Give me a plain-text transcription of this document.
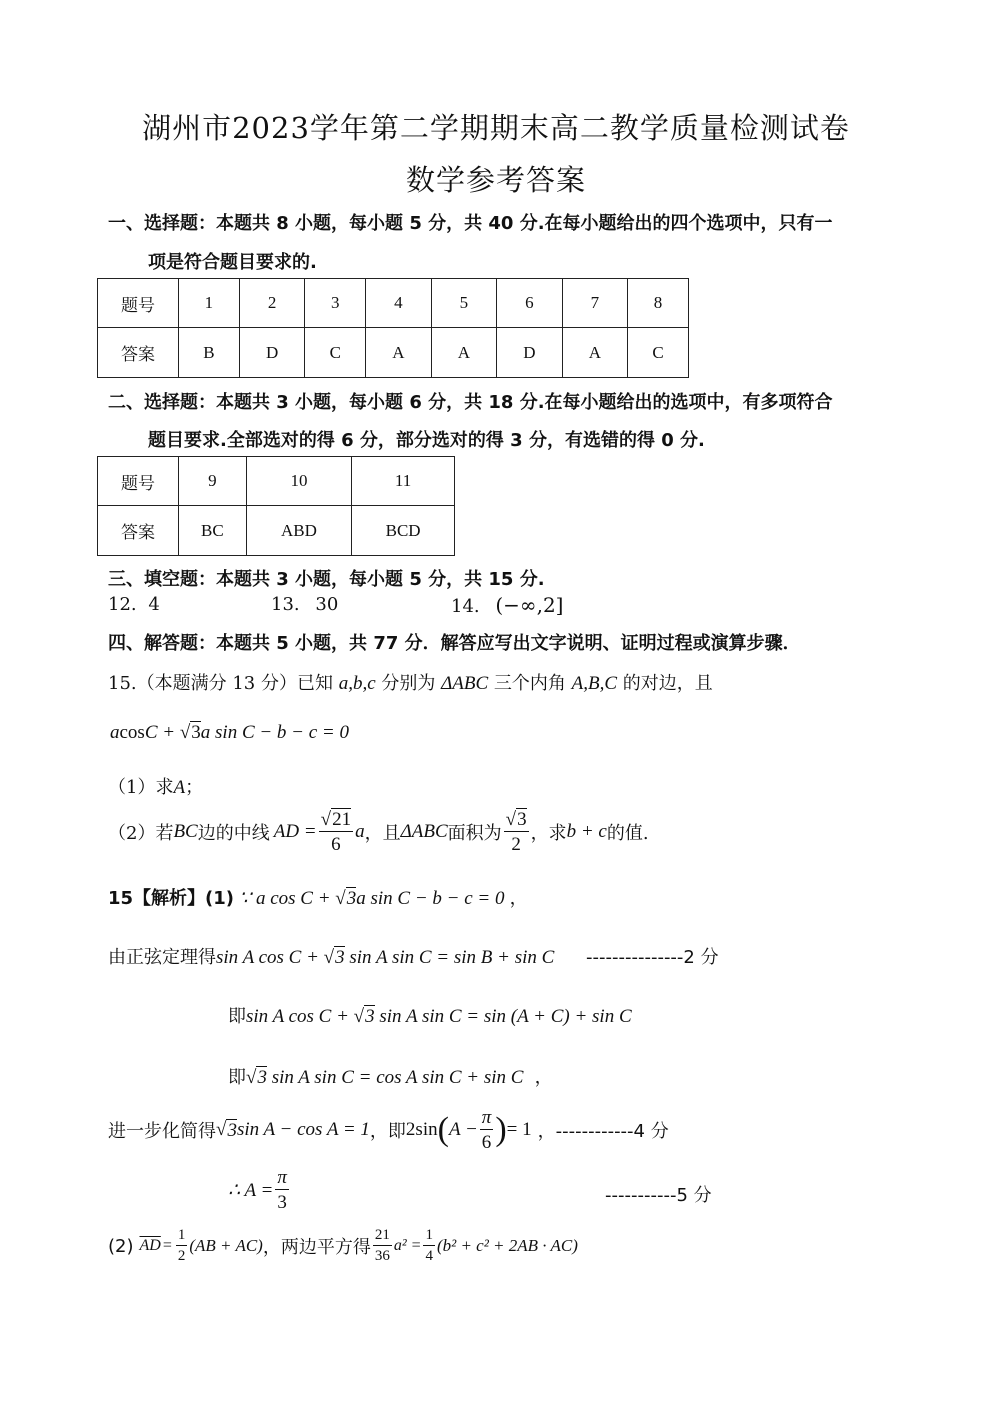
湖州市2023学年第二学期期末高二教学质量检测试卷
数学参考答案
一、选择题：本题共 8 小题，每小题 5 分，共 40 分.在每小题给出的四个选项中，只有一
项是符合题目要求的.
题号	1	2	3	4	5	6	7	8
答案	B	D	C	A	A	D	A	C
二、选择题：本题共 3 小题，每小题 6 分，共 18 分.在每小题给出的选项中，有多项符合
题目要求.全部选对的得 6 分，部分选对的得 3 分，有选错的得 0 分.
题号	9	10	11
答案	BC	ABD	BCD
三、填空题：本题共 3 小题，每小题 5 分，共 15 分.
12. 4	13. 30	14. (−∞,2]
四、解答题：本题共 5 小题，共 77 分．解答应写出文字说明、证明过程或演算步骤．
15.（本题满分 13 分）已知 a,b,c 分别为 ΔABC 三个内角 A,B,C 的对边，且
acosC + √3a sin C − b − c = 0
（1）求A；
（2）若 BC 边的中线 AD = $\frac{√21}{6}$ a ，且 ΔABC 面积为 $\frac{√3}{2}$ ，求 b + c 的值.
15【解析】(1) ∵ a cos C + √3a sin C − b − c = 0 ，
由正弦定理得sin A cos C + √3 sin A sin C = sin B + sin C ---------------2 分
即sin A cos C + √3 sin A sin C = sin (A + C) + sin C
即√3 sin A sin C = cos A sin C + sin C ，
进一步化简得 √ 3 sin A − cos A = 1 ，即 2sin ( $A - \frac{\pi}{6}$ ) = 1 ，------------4 分
∴ $A = \frac{\pi}{3}$	-----------5 分
(2) $\overline{AD} = \frac{1}{2} (AB + AC)$ ，两边平方得 $\frac{21}{36} a^2 = \frac{1}{4} (b^2 + c^2 + 2AB \cdot AC)$
